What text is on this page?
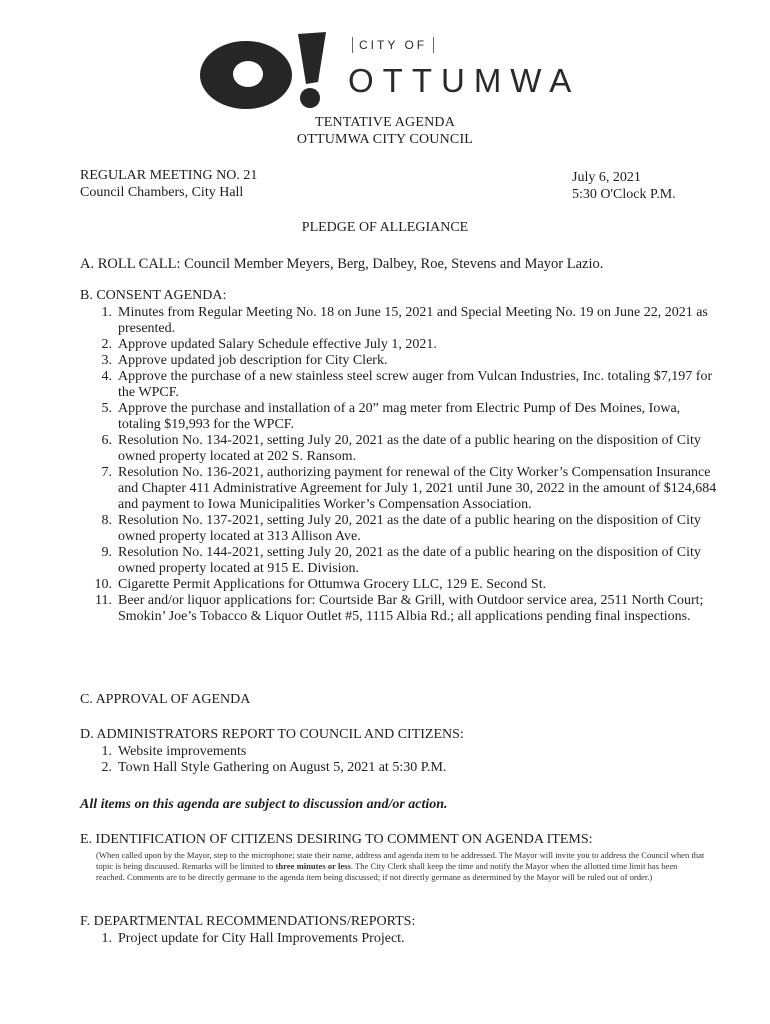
CITY OF
OTTUMWA
TENTATIVE AGENDA
OTTUMWA CITY COUNCIL
REGULAR MEETING NO. 21
Council Chambers, City Hall
July 6, 2021
5:30 O'Clock P.M.
PLEDGE OF ALLEGIANCE
A. ROLL CALL: Council Member Meyers, Berg, Dalbey, Roe, Stevens and Mayor Lazio.
B. CONSENT AGENDA:
1. Minutes from Regular Meeting No. 18 on June 15, 2021 and Special Meeting No. 19 on June 22, 2021 as presented.
2. Approve updated Salary Schedule effective July 1, 2021.
3. Approve updated job description for City Clerk.
4. Approve the purchase of a new stainless steel screw auger from Vulcan Industries, Inc. totaling $7,197 for the WPCF.
5. Approve the purchase and installation of a 20” mag meter from Electric Pump of Des Moines, Iowa, totaling $19,993 for the WPCF.
6. Resolution No. 134-2021, setting July 20, 2021 as the date of a public hearing on the disposition of City owned property located at 202 S. Ransom.
7. Resolution No. 136-2021, authorizing payment for renewal of the City Worker’s Compensation Insurance and Chapter 411 Administrative Agreement for July 1, 2021 until June 30, 2022 in the amount of $124,684 and payment to Iowa Municipalities Worker’s Compensation Association.
8. Resolution No. 137-2021, setting July 20, 2021 as the date of a public hearing on the disposition of City owned property located at 313 Allison Ave.
9. Resolution No. 144-2021, setting July 20, 2021 as the date of a public hearing on the disposition of City owned property located at 915 E. Division.
10. Cigarette Permit Applications for Ottumwa Grocery LLC, 129 E. Second St.
11. Beer and/or liquor applications for: Courtside Bar & Grill, with Outdoor service area, 2511 North Court; Smokin’ Joe’s Tobacco & Liquor Outlet #5, 1115 Albia Rd.; all applications pending final inspections.
C. APPROVAL OF AGENDA
D. ADMINISTRATORS REPORT TO COUNCIL AND CITIZENS:
1. Website improvements
2. Town Hall Style Gathering on August 5, 2021 at 5:30 P.M.
All items on this agenda are subject to discussion and/or action.
E. IDENTIFICATION OF CITIZENS DESIRING TO COMMENT ON AGENDA ITEMS:
(When called upon by the Mayor, step to the microphone; state their name, address and agenda item to be addressed. The Mayor will invite you to address the Council when that topic is being discussed. Remarks will be limited to three minutes or less. The City Clerk shall keep the time and notify the Mayor when the allotted time limit has been reached. Comments are to be directly germane to the agenda item being discussed; if not directly germane as determined by the Mayor will be ruled out of order.)
F. DEPARTMENTAL RECOMMENDATIONS/REPORTS:
1. Project update for City Hall Improvements Project.
